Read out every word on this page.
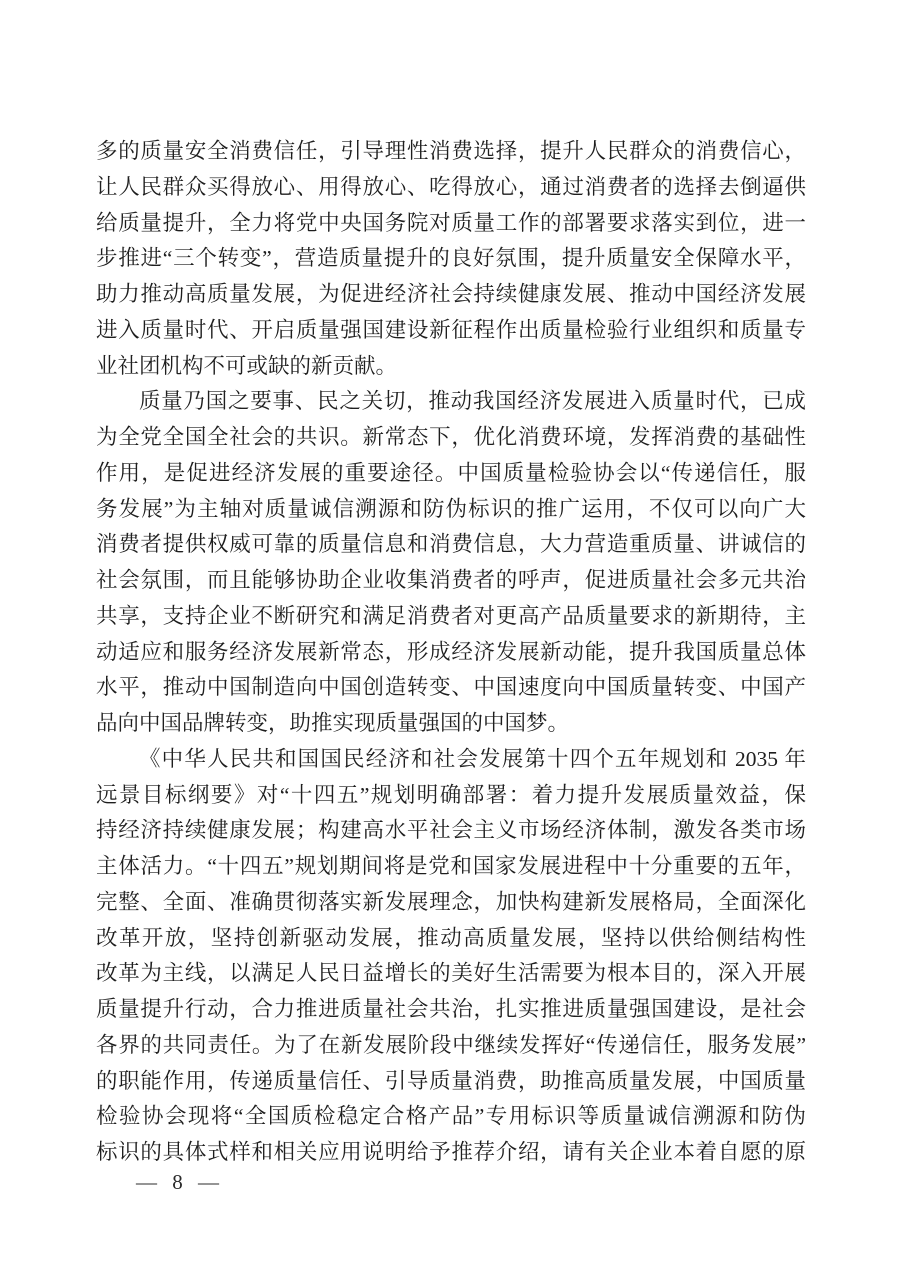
多的质量安全消费信任，引导理性消费选择，提升人民群众的消费信心，
让人民群众买得放心、用得放心、吃得放心，通过消费者的选择去倒逼供
给质量提升，全力将党中央国务院对质量工作的部署要求落实到位，进一
步推进“三个转变”，营造质量提升的良好氛围，提升质量安全保障水平，
助力推动高质量发展，为促进经济社会持续健康发展、推动中国经济发展
进入质量时代、开启质量强国建设新征程作出质量检验行业组织和质量专
业社团机构不可或缺的新贡献。
质量乃国之要事、民之关切，推动我国经济发展进入质量时代，已成
为全党全国全社会的共识。新常态下，优化消费环境，发挥消费的基础性
作用，是促进经济发展的重要途径。中国质量检验协会以“传递信任，服
务发展”为主轴对质量诚信溯源和防伪标识的推广运用，不仅可以向广大
消费者提供权威可靠的质量信息和消费信息，大力营造重质量、讲诚信的
社会氛围，而且能够协助企业收集消费者的呼声，促进质量社会多元共治
共享，支持企业不断研究和满足消费者对更高产品质量要求的新期待，主
动适应和服务经济发展新常态，形成经济发展新动能，提升我国质量总体
水平，推动中国制造向中国创造转变、中国速度向中国质量转变、中国产
品向中国品牌转变，助推实现质量强国的中国梦。
《中华人民共和国国民经济和社会发展第十四个五年规划和 2035 年
远景目标纲要》对“十四五”规划明确部署：着力提升发展质量效益，保
持经济持续健康发展；构建高水平社会主义市场经济体制，激发各类市场
主体活力。“十四五”规划期间将是党和国家发展进程中十分重要的五年，
完整、全面、准确贯彻落实新发展理念，加快构建新发展格局，全面深化
改革开放，坚持创新驱动发展，推动高质量发展，坚持以供给侧结构性
改革为主线，以满足人民日益增长的美好生活需要为根本目的，深入开展
质量提升行动，合力推进质量社会共治，扎实推进质量强国建设，是社会
各界的共同责任。为了在新发展阶段中继续发挥好“传递信任，服务发展”
的职能作用，传递质量信任、引导质量消费，助推高质量发展，中国质量
检验协会现将“全国质检稳定合格产品”专用标识等质量诚信溯源和防伪
标识的具体式样和相关应用说明给予推荐介绍，请有关企业本着自愿的原
— 8 —
